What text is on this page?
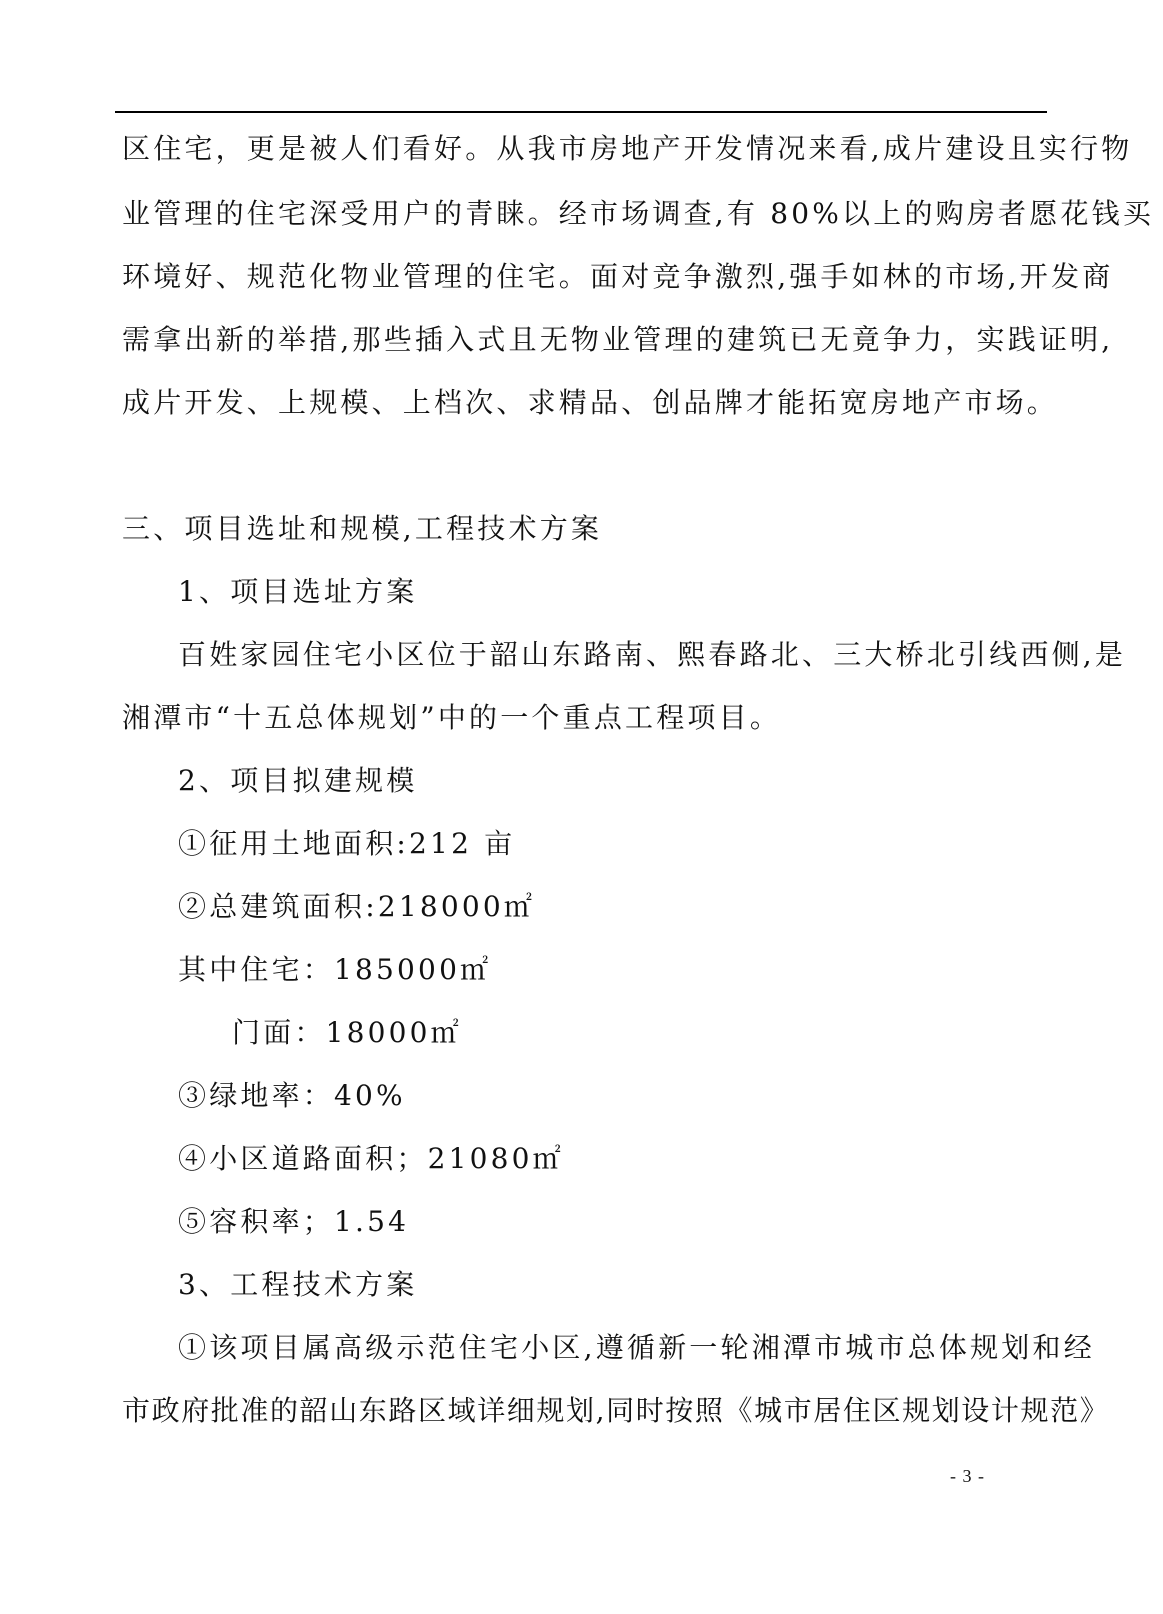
区住宅，更是被人们看好。从我市房地产开发情况来看,成片建设且实行物
业管理的住宅深受用户的青睐。经市场调查,有 80%以上的购房者愿花钱买
环境好、规范化物业管理的住宅。面对竞争激烈,强手如林的市场,开发商
需拿出新的举措,那些插入式且无物业管理的建筑已无竟争力，实践证明,
成片开发、上规模、上档次、求精品、创品牌才能拓宽房地产市场。
三、项目选址和规模,工程技术方案
1、项目选址方案
百姓家园住宅小区位于韶山东路南、熙春路北、三大桥北引线西侧,是
湘潭市“十五总体规划”中的一个重点工程项目。
2、项目拟建规模
①征用土地面积:212 亩
②总建筑面积:218000㎡
其中住宅：185000㎡
门面：18000㎡
③绿地率：40%
④小区道路面积；21080㎡
⑤容积率；1.54
3、工程技术方案
①该项目属高级示范住宅小区,遵循新一轮湘潭市城市总体规划和经
市政府批准的韶山东路区域详细规划,同时按照《城市居住区规划设计规范》
- 3 -
